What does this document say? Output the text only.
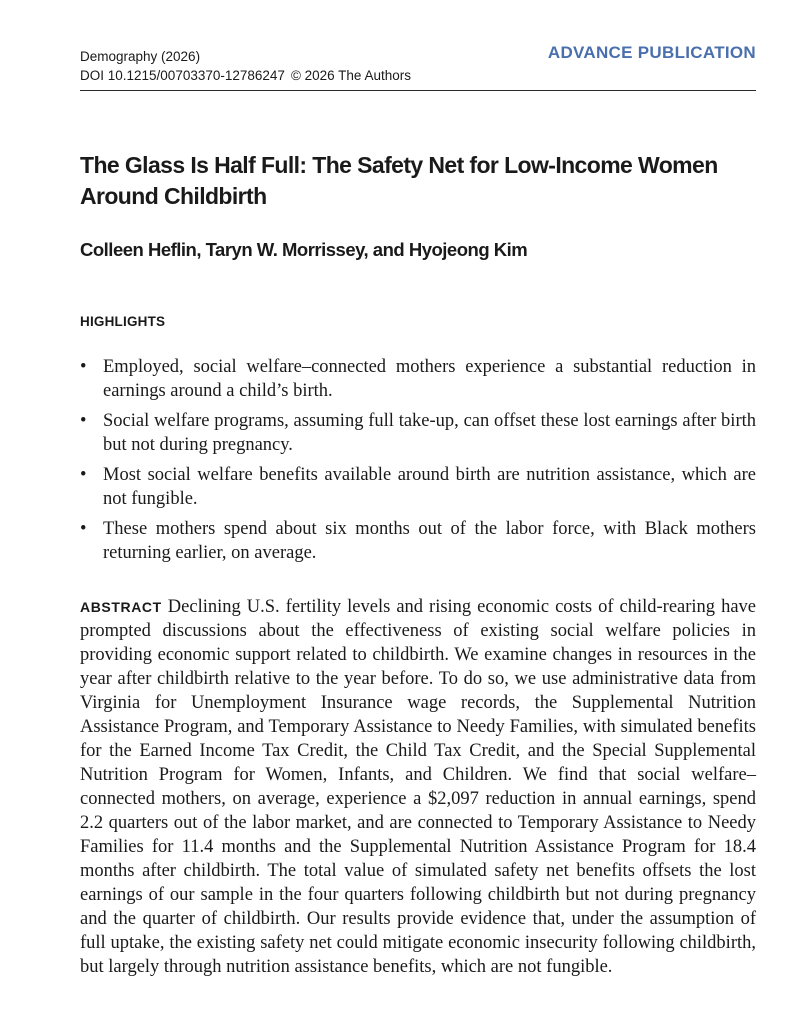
Demography (2026)
DOI 10.1215/00703370-12786247 © 2026 The Authors
ADVANCE PUBLICATION
The Glass Is Half Full: The Safety Net for Low-Income Women Around Childbirth
Colleen Heflin, Taryn W. Morrissey, and Hyojeong Kim
HIGHLIGHTS
• Employed, social welfare–connected mothers experience a substantial reduction in earnings around a child’s birth.
• Social welfare programs, assuming full take-up, can offset these lost earnings after birth but not during pregnancy.
• Most social welfare benefits available around birth are nutrition assistance, which are not fungible.
• These mothers spend about six months out of the labor force, with Black mothers returning earlier, on average.

ABSTRACT Declining U.S. fertility levels and rising economic costs of child-rearing have prompted discussions about the effectiveness of existing social welfare policies in providing economic support related to childbirth. We examine changes in resources in the year after childbirth relative to the year before. To do so, we use administrative data from Virginia for Unemployment Insurance wage records, the Supplemental Nutrition Assistance Program, and Temporary Assistance to Needy Families, with simulated benefits for the Earned Income Tax Credit, the Child Tax Credit, and the Special Supplemental Nutrition Program for Women, Infants, and Children. We find that social welfare–connected mothers, on average, experience a $2,097 reduction in annual earnings, spend 2.2 quarters out of the labor market, and are connected to Temporary Assistance to Needy Families for 11.4 months and the Supplemental Nutrition Assistance Program for 18.4 months after childbirth. The total value of simulated safety net benefits offsets the lost earnings of our sample in the four quarters following childbirth but not during pregnancy and the quarter of childbirth. Our results provide evidence that, under the assumption of full uptake, the existing safety net could mitigate economic insecurity following childbirth, but largely through nutrition assistance benefits, which are not fungible.
